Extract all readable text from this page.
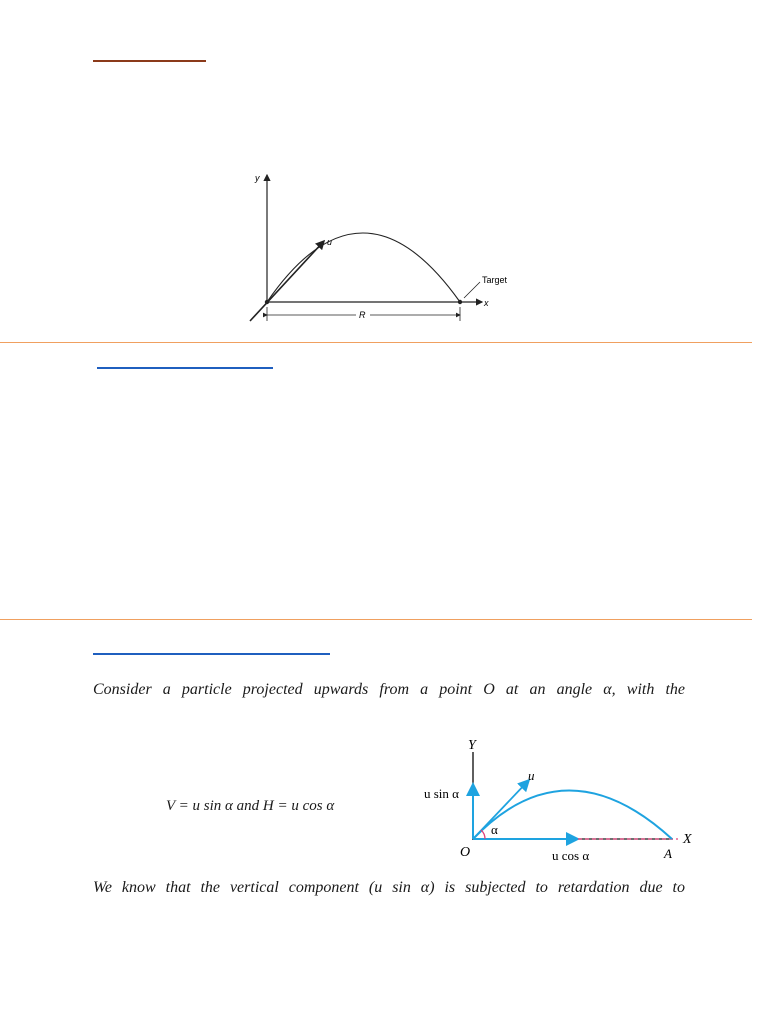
y
x
u
Target
R
Consider a particle projected upwards from a point O at an angle α, with the
V = u sin α and H = u cos α
Y
u sin α
u cos α
X
u
α
O	A
We know that the vertical component (u sin α) is subjected to retardation due to
